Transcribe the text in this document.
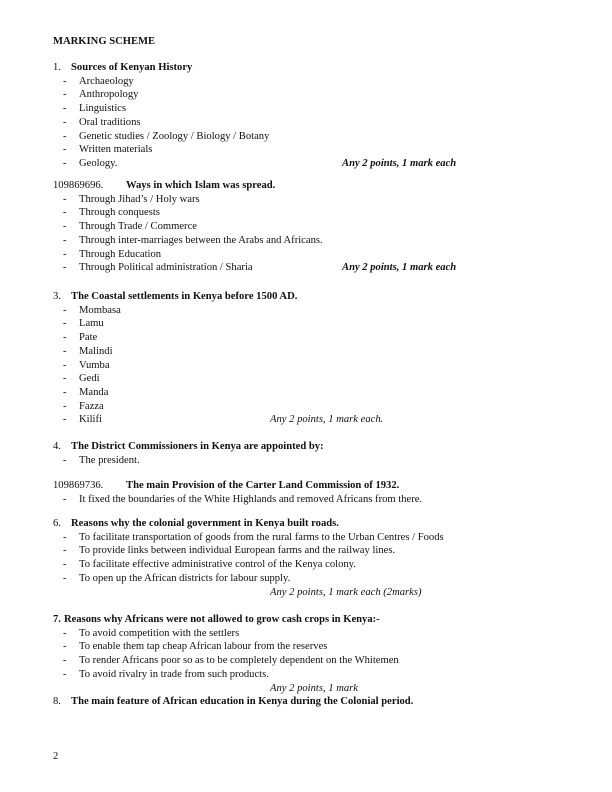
MARKING SCHEME
1. Sources of Kenyan History
- Archaeology
- Anthropology
- Linguistics
- Oral traditions
- Genetic studies / Zoology / Biology / Botany
- Written materials
- Geology.	Any 2 points, 1 mark each
109869696. Ways in which Islam was spread.
- Through Jihad’s / Holy wars
- Through conquests
- Through Trade / Commerce
- Through inter-marriages between the Arabs and Africans.
- Through Education
- Through Political administration / Sharia	Any 2 points, 1 mark each
3. The Coastal settlements in Kenya before 1500 AD.
- Mombasa
- Lamu
- Pate
- Malindi
- Vumba
- Gedi
- Manda
- Fazza
- Kilifi	Any 2 points, 1 mark each.
4. The District Commissioners in Kenya are appointed by:
- The president.
109869736. The main Provision of the Carter Land Commission of 1932.
- It fixed the boundaries of the White Highlands and removed Africans from there.
6. Reasons why the colonial government in Kenya built roads.
- To facilitate transportation of goods from the rural farms to the Urban Centres / Foods
- To provide links between individual European farms and the railway lines.
- To facilitate effective administrative control of the Kenya colony.
- To open up the African districts for labour supply.
Any 2 points, 1 mark each (2marks)
7. Reasons why Africans were not allowed to grow cash crops in Kenya:-
- To avoid competition with the settlers
- To enable them tap cheap African labour from the reserves
- To render Africans poor so as to be completely dependent on the Whitemen
- To avoid rivalry in trade from such products.
Any 2 points, 1 mark
8. The main feature of African education in Kenya during the Colonial period.
2
